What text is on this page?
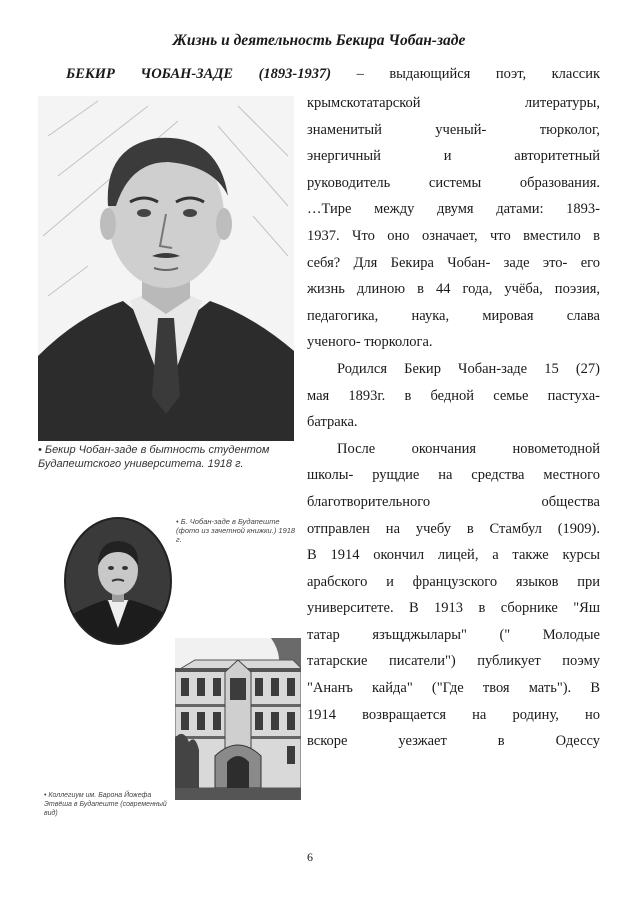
Жизнь и деятельность Бекира Чобан-заде
БЕКИР ЧОБАН-ЗАДЕ (1893-1937) – выдающийся поэт, классик
крымскотатарской литературы,
знаменитый ученый- тюрколог,
энергичный и авторитетный
руководитель системы образования.
…Тире между двумя датами: 1893-
1937. Что оно означает, что вместило в
себя? Для Бекира Чобан- заде это- его
жизнь длиною в 44 года, учёба, поэзия,
педагогика, наука, мировая слава
ученого- тюрколога.
Родился Бекир Чобан-заде 15 (27)
мая 1893г. в бедной семье пастуха-
батрака.
После окончания новометодной
школы- рущдие на средства местного
благотворительного общества
отправлен на учебу в Стамбул (1909).
В 1914 окончил лицей, а также курсы
арабского и французского языков при
университете. В 1913 в сборнике "Яш
татар язъщджылары" (" Молодые
татарские писатели") публикует поэму
"Ананъ кайда" ("Где твоя мать"). В
1914 возвращается на родину, но
вскоре уезжает в Одессу
• Бекир Чобан-заде в бытность студентом Будапештского университета. 1918 г.
• Б. Чобан-заде в Будапеште (фото из зачетной книжки.) 1918 г.
• Коллегиум им. Барона Йожефа Этвёша в Будапеште (современный вид)
6
